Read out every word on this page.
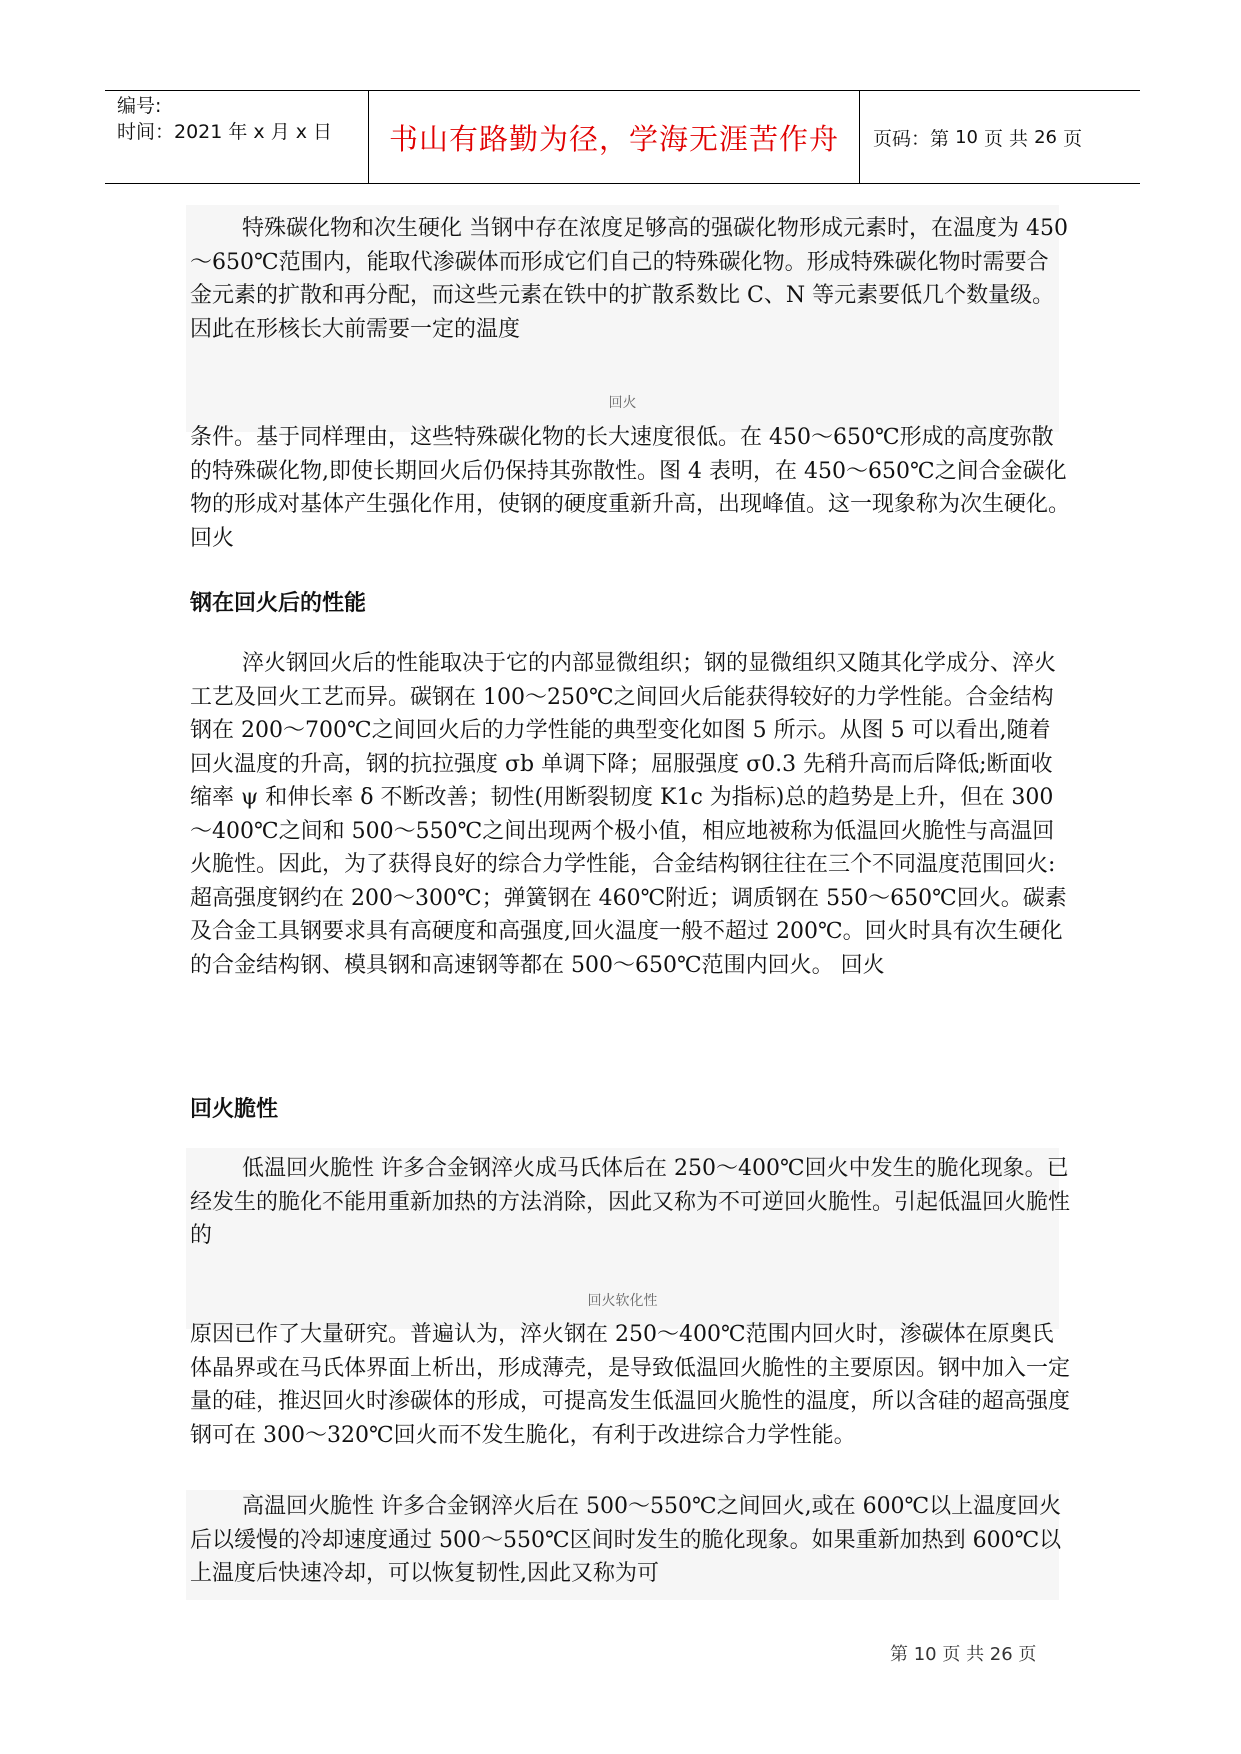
编号:
时间：2021 年 x 月 x 日	书山有路勤为径，学海无涯苦作舟	页码：第
10
页 共
26
页

特殊碳化物和次生硬化 当钢中存在浓度足够高的强碳化物形成元素时，在温度为 450～650℃范围内，能取代渗碳体而形成它们自己的特殊碳化物。形成特殊碳化物时需要合金元素的扩散和再分配，而这些元素在铁中的扩散系数比 C、N 等元素要低几个数量级。因此在形核长大前需要一定的温度

回火

条件。基于同样理由，这些特殊碳化物的长大速度很低。在 450～650℃形成的高度弥散的特殊碳化物,即使长期回火后仍保持其弥散性。图 4 表明，在 450～650℃之间合金碳化物的形成对基体产生强化作用，使钢的硬度重新升高，出现峰值。这一现象称为次生硬化。 回火

钢在回火后的性能

淬火钢回火后的性能取决于它的内部显微组织；钢的显微组织又随其化学成分、淬火工艺及回火工艺而异。碳钢在 100～250℃之间回火后能获得较好的力学性能。合金结构钢在 200～700℃之间回火后的力学性能的典型变化如图 5 所示。从图 5 可以看出,随着回火温度的升高，钢的抗拉强度 σb 单调下降；屈服强度 σ0.3 先稍升高而后降低;断面收缩率 ψ 和伸长率 δ 不断改善；韧性(用断裂韧度 K1c 为指标)总的趋势是上升，但在 300～400℃之间和 500～550℃之间出现两个极小值，相应地被称为低温回火脆性与高温回火脆性。因此，为了获得良好的综合力学性能，合金结构钢往往在三个不同温度范围回火:超高强度钢约在 200～300℃；弹簧钢在 460℃附近；调质钢在 550～650℃回火。碳素及合金工具钢要求具有高硬度和高强度,回火温度一般不超过 200℃。回火时具有次生硬化的合金结构钢、模具钢和高速钢等都在 500～650℃范围内回火。 回火

回火脆性

低温回火脆性 许多合金钢淬火成马氏体后在 250～400℃回火中发生的脆化现象。已经发生的脆化不能用重新加热的方法消除，因此又称为不可逆回火脆性。引起低温回火脆性的

回火软化性

原因已作了大量研究。普遍认为，淬火钢在 250～400℃范围内回火时，渗碳体在原奥氏体晶界或在马氏体界面上析出，形成薄壳，是导致低温回火脆性的主要原因。钢中加入一定量的硅，推迟回火时渗碳体的形成，可提高发生低温回火脆性的温度，所以含硅的超高强度钢可在 300～320℃回火而不发生脆化，有利于改进综合力学性能。

高温回火脆性 许多合金钢淬火后在 500～550℃之间回火,或在 600℃以上温度回火后以缓慢的冷却速度通过 500～550℃区间时发生的脆化现象。如果重新加热到 600℃以上温度后快速冷却，可以恢复韧性,因此又称为可

第 10 页 共 26 页
